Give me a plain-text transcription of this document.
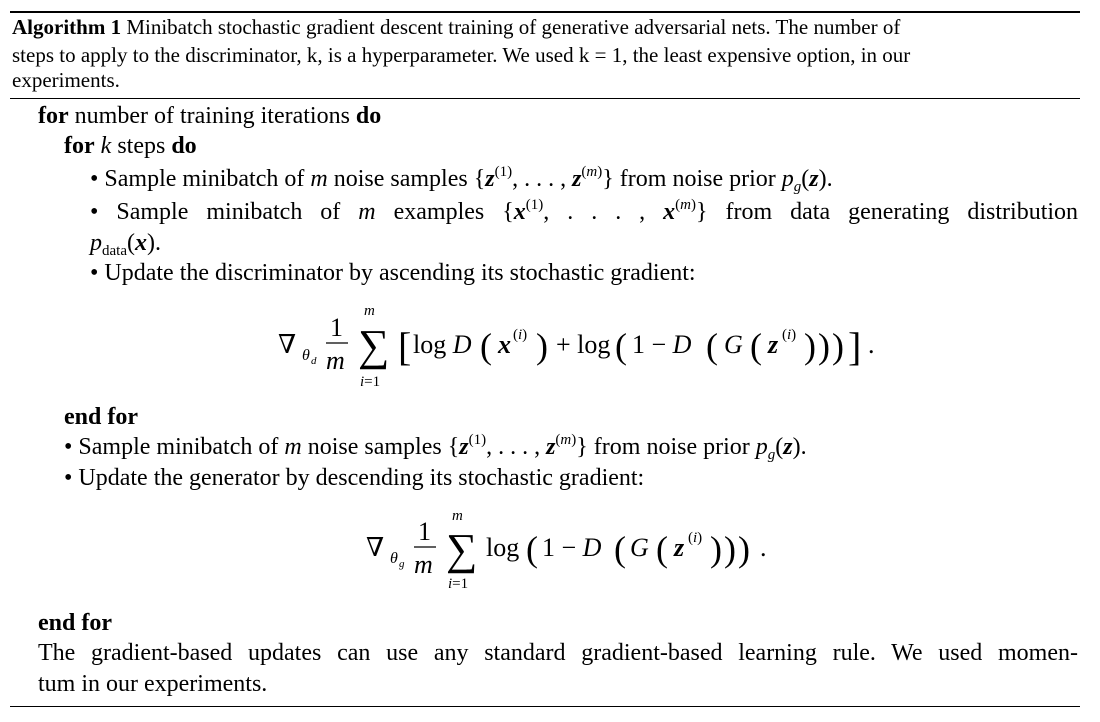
Algorithm 1 Minibatch stochastic gradient descent training of generative adversarial nets. The number of
steps to apply to the discriminator, k, is a hyperparameter. We used k = 1, the least expensive option, in our
experiments.
for number of training iterations do
for k steps do
• Sample minibatch of m noise samples {$z^{(1)}$, . . . , $z^{(m)}$} from noise prior $p_g(z)$.
• Sample minibatch of m examples {$x^{(1)}$, . . . , $x^{(m)}$} from data generating distribution
$p_{data}(x)$.
• Update the discriminator by ascending its stochastic gradient:
∇ θ d
1
m
m
∑
i=1
[ log D ( x (i) ) + log ( 1 − D ( G ( z (i) ) ) ) ] .
end for
• Sample minibatch of m noise samples {$z^{(1)}$, . . . , $z^{(m)}$} from noise prior $p_g(z)$.
• Update the generator by descending its stochastic gradient:
∇ θ g
1
m
m
∑
i=1
log ( 1 − D ( G ( z (i) ) ) ) .
end for
The gradient-based updates can use any standard gradient-based learning rule. We used momen-
tum in our experiments.
